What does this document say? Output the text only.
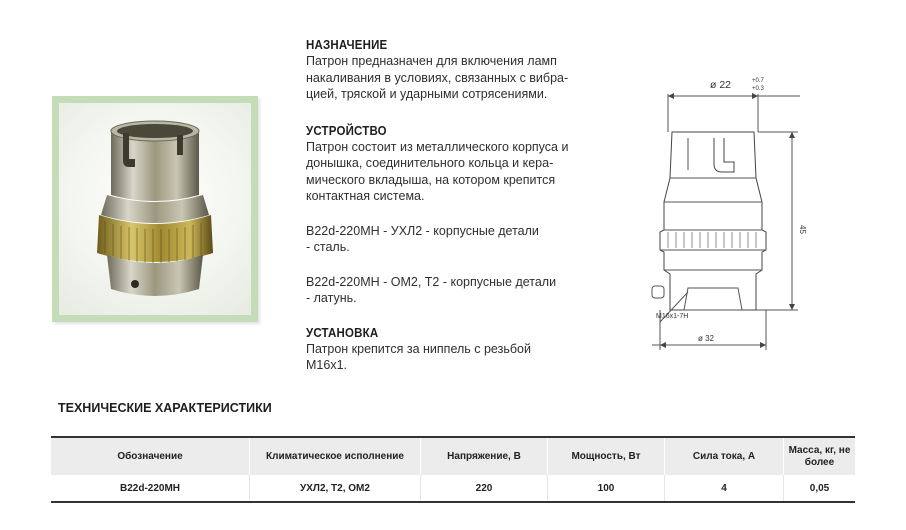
НАЗНАЧЕНИЕ

Патрон предназначен для включения ламп

накаливания в условиях, связанных с вибра-

цией, тряской и ударными сотрясениями.

УСТРОЙСТВО

Патрон состоит из металлического корпуса и

донышка, соединительного кольца и кера-

мического вкладыша, на котором крепится

контактная система.

B22d-220МН - УХЛ2 - корпусные детали

- сталь.

B22d-220МН - ОМ2, Т2 - корпусные детали

- латунь.

УСТАНОВКА

Патрон крепится за ниппель с резьбой

М16x1.

ø 22	+0.7
+0.3
45
М16х1-7Н
ø 32

ТЕХНИЧЕСКИЕ ХАРАКТЕРИСТИКИ

Обозначение	Климатическое исполнение	Напряжение, В	Мощность, Вт	Сила тока, А	Масса, кг, не более
B22d-220МН	УХЛ2, Т2, ОМ2	220	100	4	0,05
